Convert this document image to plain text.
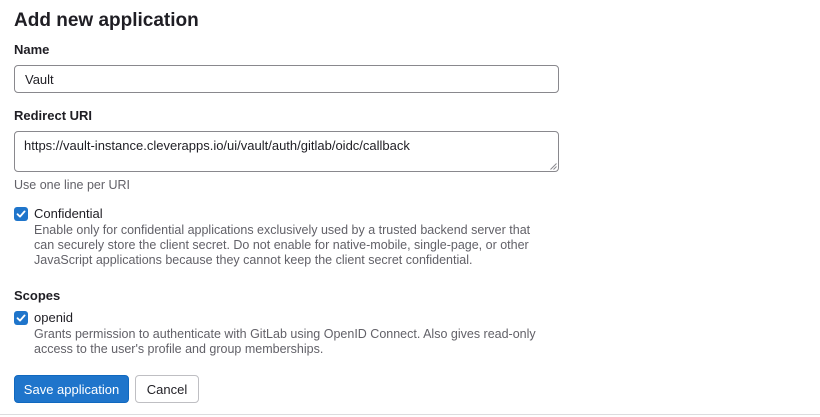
Add new application
Name
Vault
Redirect URI
https://vault-instance.cleverapps.io/ui/vault/auth/gitlab/oidc/callback
Use one line per URI
Confidential
Enable only for confidential applications exclusively used by a trusted backend server that
can securely store the client secret. Do not enable for native-mobile, single-page, or other
JavaScript applications because they cannot keep the client secret confidential.
Scopes
openid
Grants permission to authenticate with GitLab using OpenID Connect. Also gives read-only
access to the user's profile and group memberships.
Save application	Cancel
